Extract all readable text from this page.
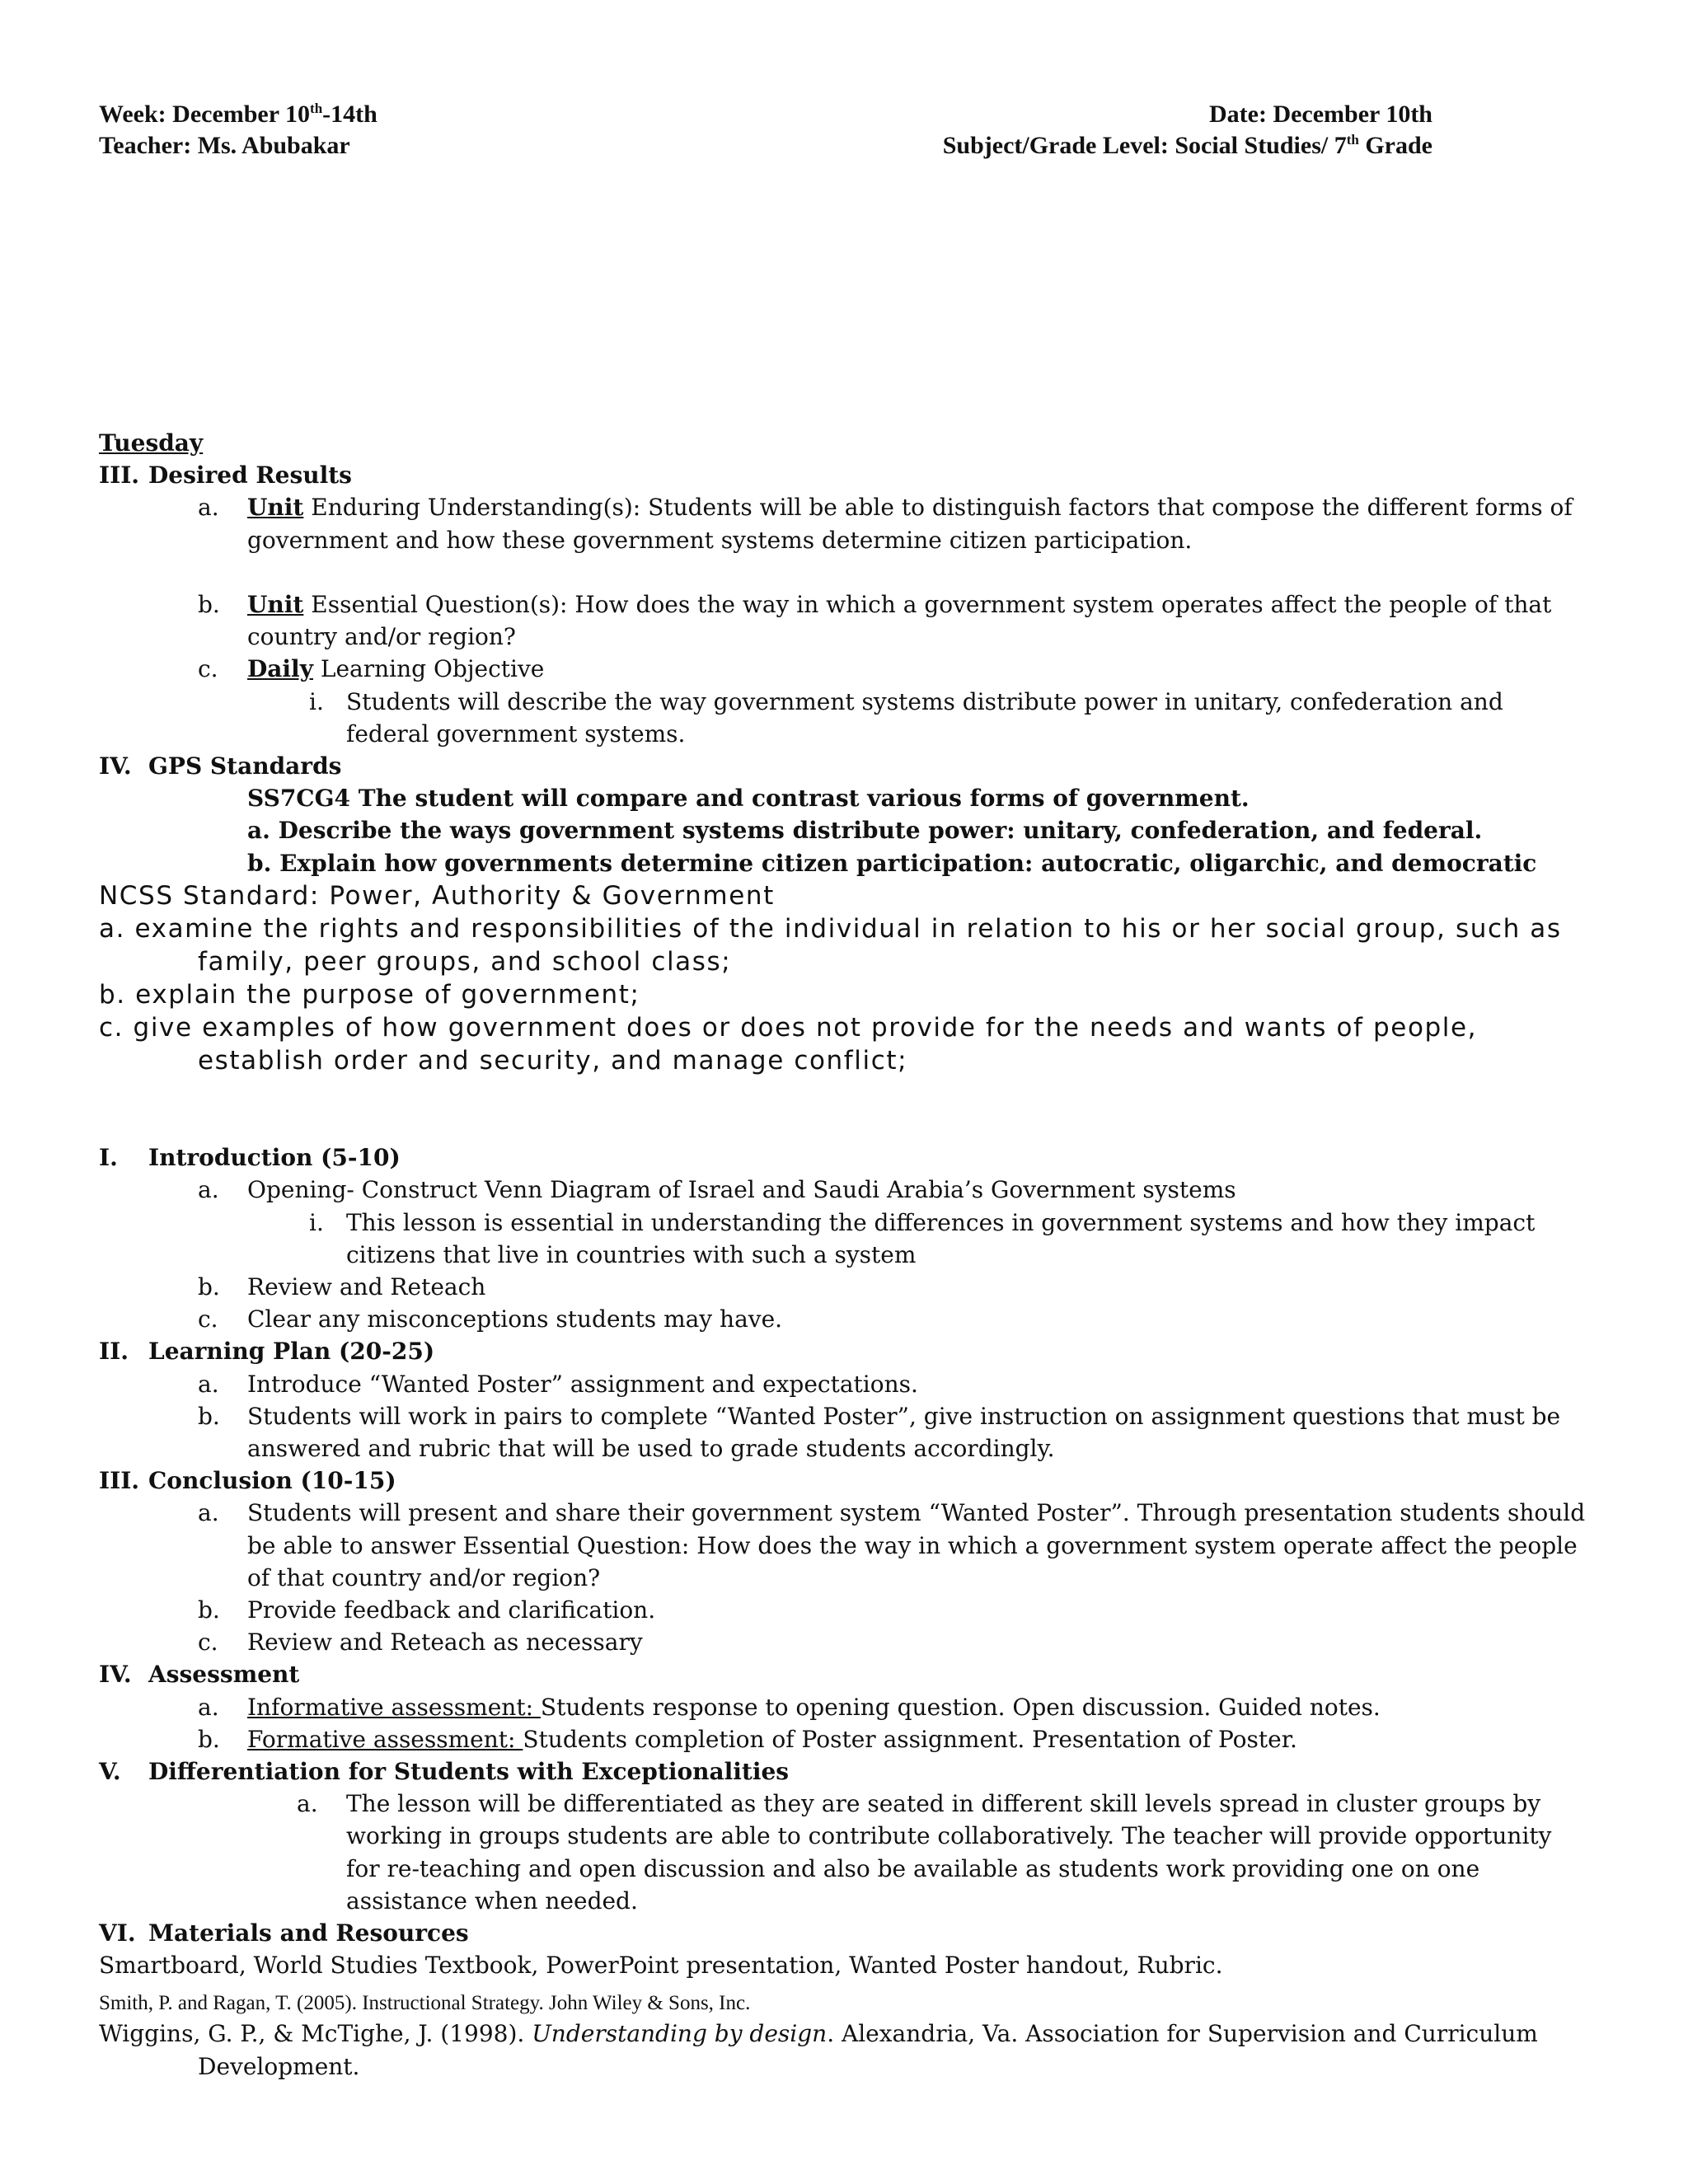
Week: December 10th-14th
Teacher: Ms. Abubakar
Date: December 10th
Subject/Grade Level: Social Studies/ 7th Grade
Tuesday
III. Desired Results
a. Unit Enduring Understanding(s): Students will be able to distinguish factors that compose the different forms of
government and how these government systems determine citizen participation.
b. Unit Essential Question(s): How does the way in which a government system operates affect the people of that
country and/or region?
c. Daily Learning Objective
i. Students will describe the way government systems distribute power in unitary, confederation and
federal government systems.
IV. GPS Standards
SS7CG4 The student will compare and contrast various forms of government.
a. Describe the ways government systems distribute power: unitary, confederation, and federal.
b. Explain how governments determine citizen participation: autocratic, oligarchic, and democratic
NCSS Standard: Power, Authority & Government
a. examine the rights and responsibilities of the individual in relation to his or her social group, such as
family, peer groups, and school class;
b. explain the purpose of government;
c. give examples of how government does or does not provide for the needs and wants of people,
establish order and security, and manage conflict;
I. Introduction (5-10)
a. Opening- Construct Venn Diagram of Israel and Saudi Arabia’s Government systems
i. This lesson is essential in understanding the differences in government systems and how they impact
citizens that live in countries with such a system
b. Review and Reteach
c. Clear any misconceptions students may have.
II. Learning Plan (20-25)
a. Introduce “Wanted Poster” assignment and expectations.
b. Students will work in pairs to complete “Wanted Poster”, give instruction on assignment questions that must be
answered and rubric that will be used to grade students accordingly.
III. Conclusion (10-15)
a. Students will present and share their government system “Wanted Poster”. Through presentation students should
be able to answer Essential Question: How does the way in which a government system operate affect the people
of that country and/or region?
b. Provide feedback and clarification.
c. Review and Reteach as necessary
IV. Assessment
a. Informative assessment: Students response to opening question. Open discussion. Guided notes.
b. Formative assessment: Students completion of Poster assignment. Presentation of Poster.
V. Differentiation for Students with Exceptionalities
a. The lesson will be differentiated as they are seated in different skill levels spread in cluster groups by
working in groups students are able to contribute collaboratively. The teacher will provide opportunity
for re-teaching and open discussion and also be available as students work providing one on one
assistance when needed.
VI. Materials and Resources
Smartboard, World Studies Textbook, PowerPoint presentation, Wanted Poster handout, Rubric.
Smith, P. and Ragan, T. (2005). Instructional Strategy. John Wiley & Sons, Inc.
Wiggins, G. P., & McTighe, J. (1998). Understanding by design. Alexandria, Va. Association for Supervision and Curriculum
Development.
